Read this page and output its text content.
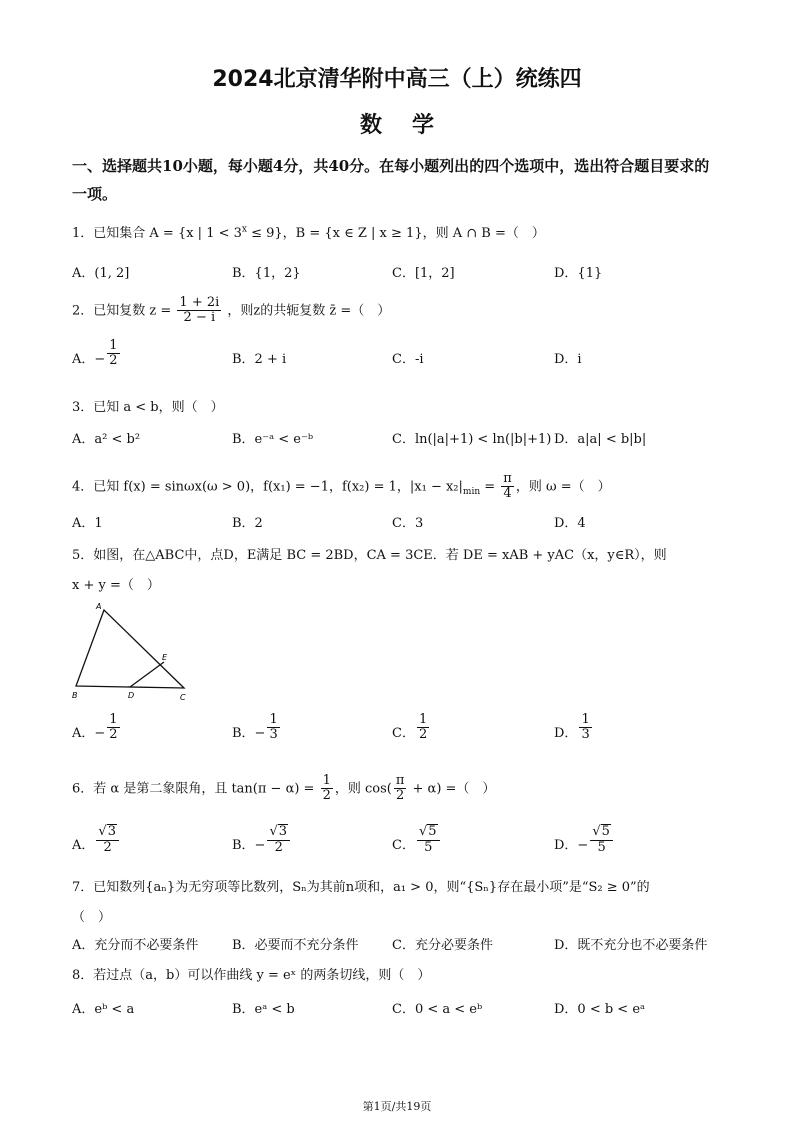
2024北京清华附中高三（上）统练四
数学
一、选择题共10小题，每小题4分，共40分。在每小题列出的四个选项中，选出符合题目要求的一项。
1．已知集合 A = {x | $1 < 3^x \le 9$}，B = {x ∈ Z | x ≥ 1}，则 A ∩ B =（　）
A．(1, 2]	B．{1，2}	C．[1，2]	D．{1}
2．已知复数 $z = \frac{1 + 2i}{2 - i}$ ，则z的共轭复数 z̄ =（　）
A．− $\frac{1}{2}$	B．2 + i	C．-i	D．i
3．已知 a < b，则（　）
A．a² < b²	B．e⁻ᵃ < e⁻ᵇ	C．ln(|a|+1) < ln(|b|+1) D．a|a| < b|b|
4．已知 f(x) = sinωx(ω > 0)，f(x₁) = −1，f(x₂) = 1，$|x_1 - x_2|_{min} = \frac{\pi}{4}$ ，则 ω =（　）
A．1	B．2	C．3	D．4
5．如图，在△ABC中，点D，E满足 BC = 2BD，CA = 3CE．若 DE = xAB + yAC（x，y∈R），则
x + y =（　）
A
B	D	C
E
A．− $\frac{1}{2}$	B．− $\frac{1}{3}$	C． $\frac{1}{2}$	D． $\frac{1}{3}$
6．若 α 是第二象限角，且 $\tan(\pi - \alpha) = \frac{1}{2}$ ，则 $\cos( \frac{\pi}{2} + \alpha)$ =（　）
A． $\frac{√3}{2}$	B．− $\frac{√3}{2}$	C． $\frac{√5}{5}$	D．− $\frac{√5}{5}$
7．已知数列{aₙ}为无穷项等比数列，Sₙ为其前n项和，a₁ > 0，则“{Sₙ}存在最小项”是“S₂ ≥ 0”的
（　）
A．充分而不必要条件	B．必要而不充分条件	C．充分必要条件	D．既不充分也不必要条件
8．若过点（a，b）可以作曲线 y = eˣ 的两条切线，则（　）
A．eᵇ < a	B．eᵃ < b	C．0 < a < eᵇ	D．0 < b < eᵃ
第1页/共19页
